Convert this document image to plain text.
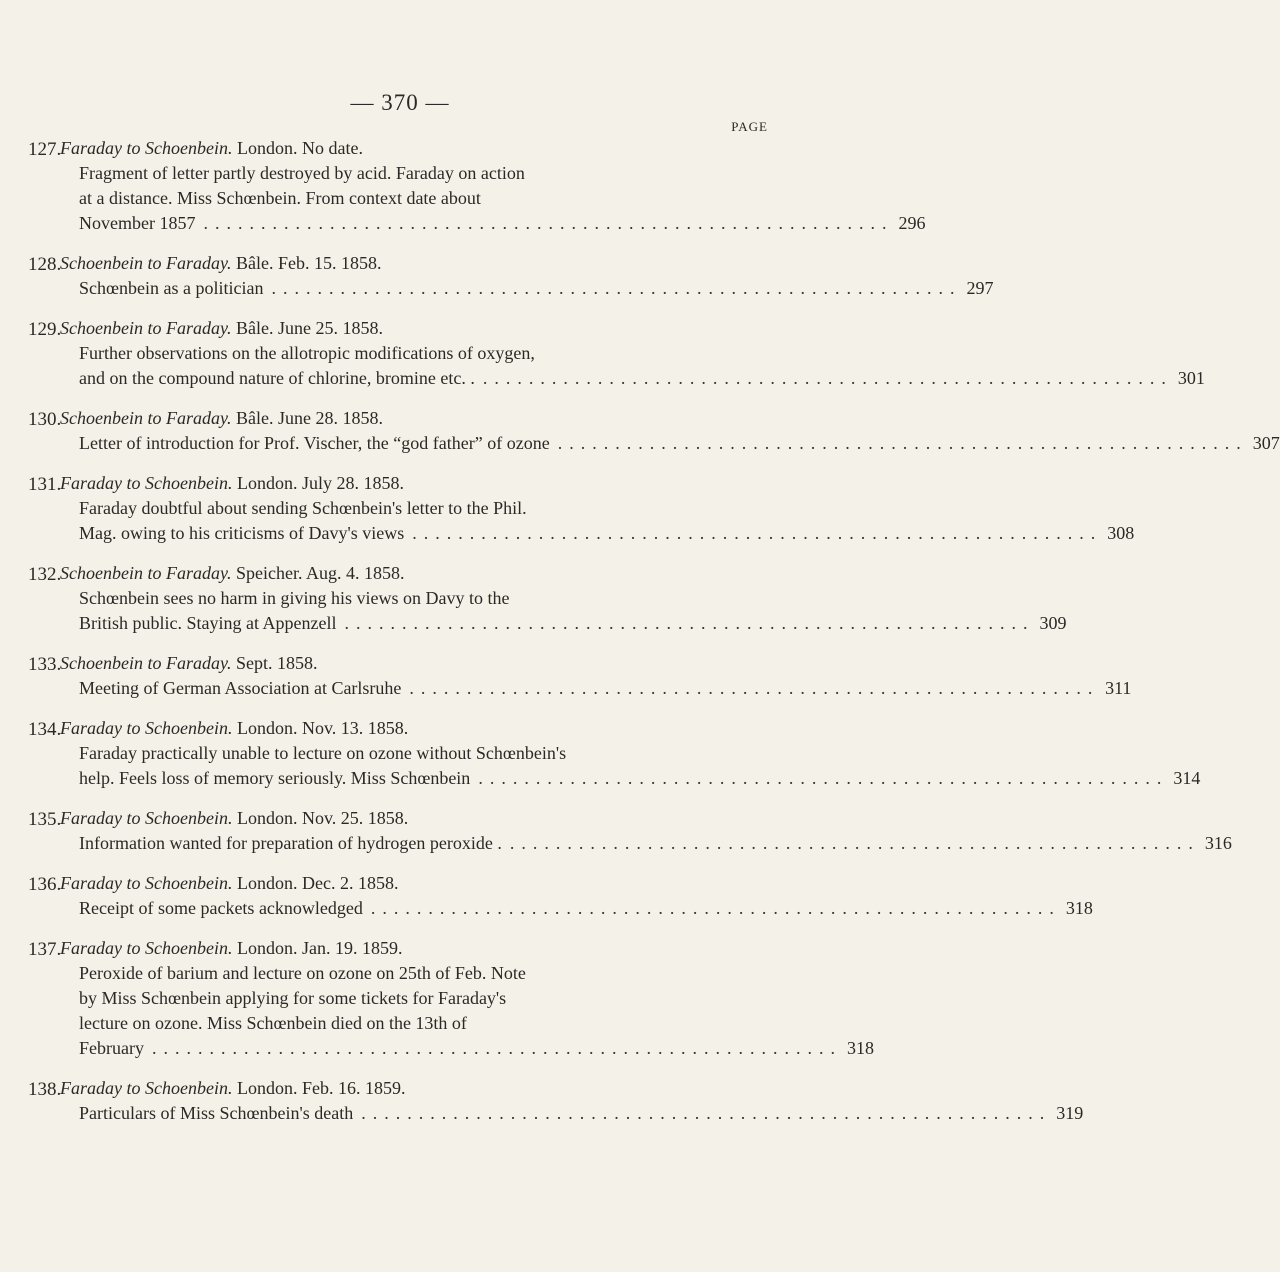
— 370 —
PAGE
127.
Faraday to Schoenbein. London. No date.
Fragment of letter partly destroyed by acid. Faraday on action
at a distance. Miss Schœnbein. From context date about
November 1857 ............................................................ 296
128.
Schoenbein to Faraday. Bâle. Feb. 15. 1858.
Schœnbein as a politician ............................................................ 297
129.
Schoenbein to Faraday. Bâle. June 25. 1858.
Further observations on the allotropic modifications of oxygen,
and on the compound nature of chlorine, bromine etc. . ............................................................ 301
130.
Schoenbein to Faraday. Bâle. June 28. 1858.
Letter of introduction for Prof. Vischer, the “god father” of ozone ............................................................ 307
131.
Faraday to Schoenbein. London. July 28. 1858.
Faraday doubtful about sending Schœnbein's letter to the Phil.
Mag. owing to his criticisms of Davy's views ............................................................ 308
132.
Schoenbein to Faraday. Speicher. Aug. 4. 1858.
Schœnbein sees no harm in giving his views on Davy to the
British public. Staying at Appenzell ............................................................ 309
133.
Schoenbein to Faraday. Sept. 1858.
Meeting of German Association at Carlsruhe ............................................................ 311
134.
Faraday to Schoenbein. London. Nov. 13. 1858.
Faraday practically unable to lecture on ozone without Schœnbein's
help. Feels loss of memory seriously. Miss Schœnbein ............................................................ 314
135.
Faraday to Schoenbein. London. Nov. 25. 1858.
Information wanted for preparation of hydrogen peroxide . ............................................................ 316
136.
Faraday to Schoenbein. London. Dec. 2. 1858.
Receipt of some packets acknowledged ............................................................ 318
137.
Faraday to Schoenbein. London. Jan. 19. 1859.
Peroxide of barium and lecture on ozone on 25th of Feb. Note
by Miss Schœnbein applying for some tickets for Faraday's
lecture on ozone. Miss Schœnbein died on the 13th of
February ............................................................ 318
138.
Faraday to Schoenbein. London. Feb. 16. 1859.
Particulars of Miss Schœnbein's death ............................................................ 319
